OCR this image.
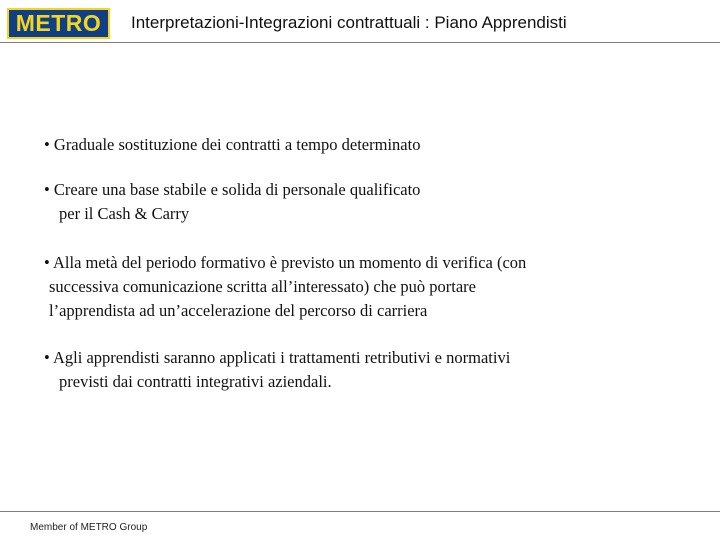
METRO Interpretazioni-Integrazioni contrattuali : Piano Apprendisti
• Graduale sostituzione dei contratti a tempo determinato
• Creare una base stabile e solida di personale qualificato
per il Cash & Carry
• Alla metà del periodo formativo è previsto un momento di verifica (con
successiva comunicazione scritta all’interessato) che può portare
l’apprendista ad un’accelerazione del percorso di carriera
• Agli apprendisti saranno applicati i trattamenti retributivi e normativi
previsti dai contratti integrativi aziendali.
Member of METRO Group
